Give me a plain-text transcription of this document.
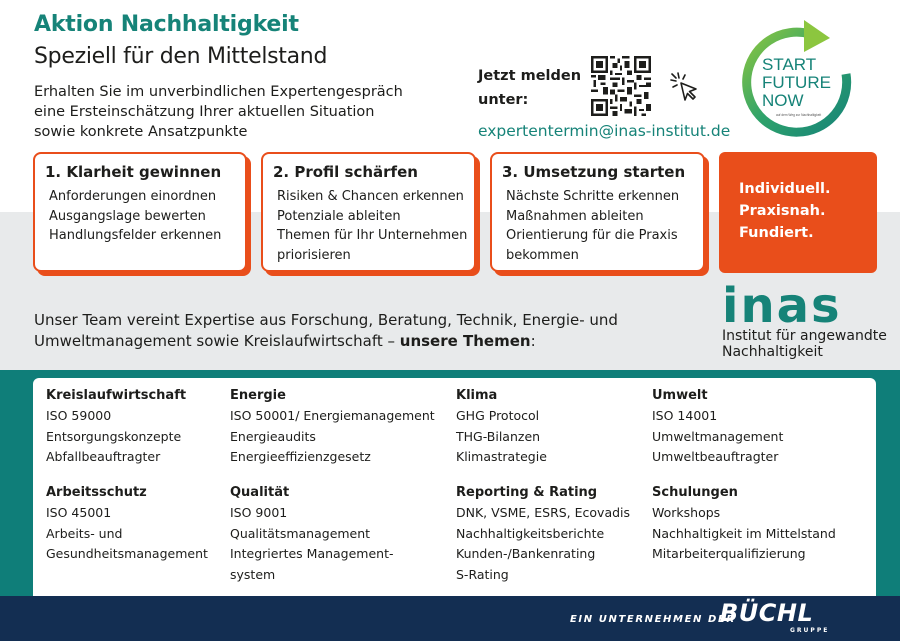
Aktion Nachhaltigkeit
Speziell für den Mittelstand
Erhalten Sie im unverbindlichen Expertengespräch
eine Ersteinschätzung Ihrer aktuellen Situation
sowie konkrete Ansatzpunkte
Jetzt melden
unter:
expertentermin@inas-institut.de
START
FUTURE
NOW
auf dem Weg zur Nachhaltigkeit
1. Klarheit gewinnen
Anforderungen einordnen
Ausgangslage bewerten
Handlungsfelder erkennen
2. Profil schärfen
Risiken & Chancen erkennen
Potenziale ableiten
Themen für Ihr Unternehmen
priorisieren
3. Umsetzung starten
Nächste Schritte erkennen
Maßnahmen ableiten
Orientierung für die Praxis
bekommen
Individuell.
Praxisnah.
Fundiert.
Unser Team vereint Expertise aus Forschung, Beratung, Technik, Energie- und
Umweltmanagement sowie Kreislaufwirtschaft – unsere Themen:
inas
Institut für angewandte
Nachhaltigkeit
Kreislaufwirtschaft
ISO 59000
Entsorgungskonzepte
Abfallbeauftragter
Energie
ISO 50001/ Energiemanagement
Energieaudits
Energieeffizienzgesetz
Klima
GHG Protocol
THG-Bilanzen
Klimastrategie
Umwelt
ISO 14001
Umweltmanagement
Umweltbeauftragter
Arbeitsschutz
ISO 45001
Arbeits- und
Gesundheitsmanagement
Qualität
ISO 9001
Qualitätsmanagement
Integriertes Management-
system
Reporting & Rating
DNK, VSME, ESRS, Ecovadis
Nachhaltigkeitsberichte
Kunden-/Bankenrating
S-Rating
Schulungen
Workshops
Nachhaltigkeit im Mittelstand
Mitarbeiterqualifizierung
EIN UNTERNEHMEN DER
BÜCHL
GRUPPE
